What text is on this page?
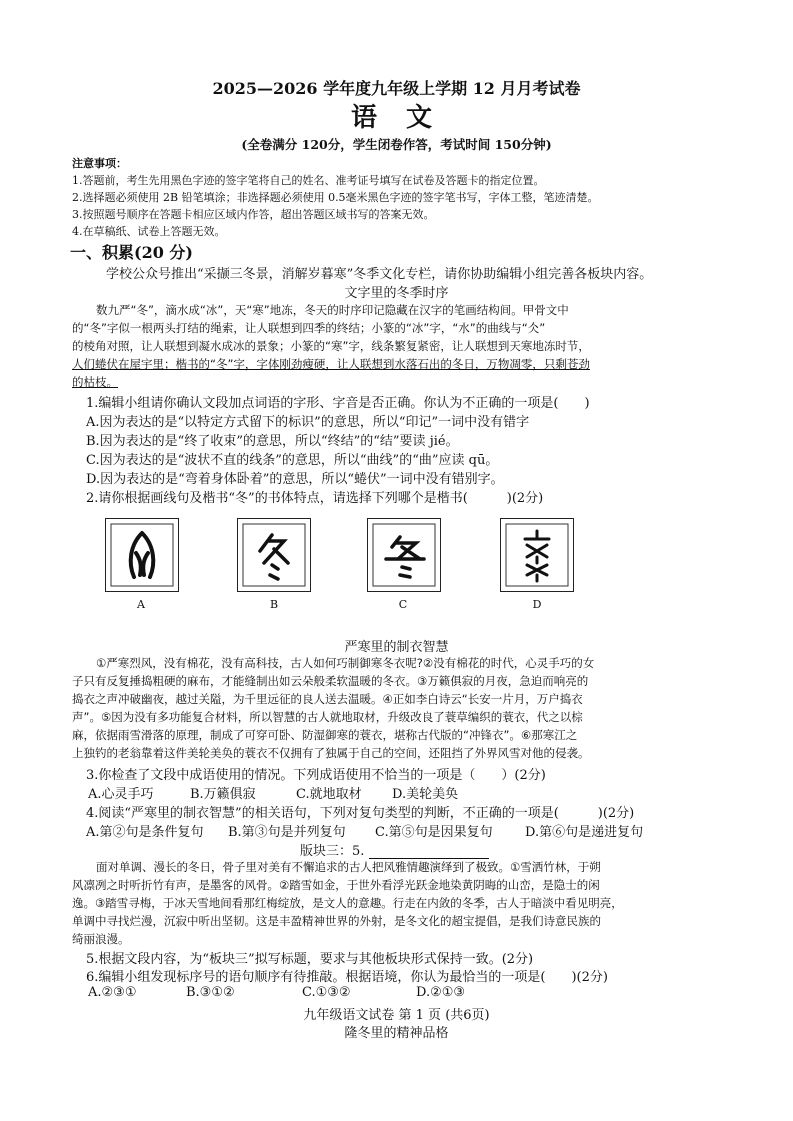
2025—2026 学年度九年级上学期 12 月月考试卷
语 文
(全卷满分 120分，学生闭卷作答，考试时间 150分钟)
注意事项：
1.答题前，考生先用黑色字迹的签字笔将自己的姓名、准考证号填写在试卷及答题卡的指定位置。
2.选择题必须使用 2B 铅笔填涂；非选择题必须使用 0.5毫米黑色字迹的签字笔书写，字体工整，笔迹清楚。
3.按照题号顺序在答题卡相应区域内作答，超出答题区域书写的答案无效。
4.在草稿纸、试卷上答题无效。
一、积累(20 分)
学校公众号推出“采撷三冬景，消解岁暮寒”冬季文化专栏，请你协助编辑小组完善各板块内容。
文字里的冬季时序
数九严“冬”，滴水成“冰”，天“寒”地冻，冬天的时序印记隐藏在汉字的笔画结构间。甲骨文中
的“冬”字似一根两头打结的绳索，让人联想到四季的终结；小篆的“冰”字，“水”的曲线与“仌”
的棱角对照，让人联想到凝水成冰的景象；小篆的“寒”字，线条繁复紧密，让人联想到天寒地冻时节，
人们蜷伏在屋宇里；楷书的“冬”字，字体刚劲瘦硬，让人联想到水落石出的冬日，万物凋零，只剩苍劲
的枯枝。
1.编辑小组请你确认文段加点词语的字形、字音是否正确。你认为不正确的一项是(　　)
A.因为表达的是“以特定方式留下的标识”的意思，所以“印记”一词中没有错字
B.因为表达的是“终了收束”的意思，所以“终结”的“结”要读 jié。
C.因为表达的是“波状不直的线条”的意思，所以“曲线”的“曲”应读 qū。
D.因为表达的是“弯着身体卧着”的意思，所以“蜷伏”一词中没有错别字。
2.请你根据画线句及楷书“冬”的书体特点，请选择下列哪个是楷书(　　　)(2分)
A	B	C	D
严寒里的制衣智慧
①严寒烈风，没有棉花，没有高科技，古人如何巧制御寒冬衣呢?②没有棉花的时代，心灵手巧的女
子只有反复捶捣粗硬的麻布，才能缝制出如云朵般柔软温暖的冬衣。③万籁俱寂的月夜，急迫而响亮的
捣衣之声冲破幽夜，越过关隘，为千里远征的良人送去温暖。④正如李白诗云“长安一片月，万户捣衣
声”。⑤因为没有多功能复合材料，所以智慧的古人就地取材，升级改良了蓑草编织的蓑衣，代之以棕
麻，依据雨雪滑落的原理，制成了可穿可卧、防湿御寒的蓑衣，堪称古代版的“冲锋衣”。⑥那寒江之
上独钓的老翁靠着这件美轮美奂的蓑衣不仅拥有了独属于自己的空间，还阻挡了外界风雪对他的侵袭。
3.你检查了文段中成语使用的情况。下列成语使用不恰当的一项是（　　）(2分)
A.心灵手巧	B.万籁俱寂	C.就地取材 D.美轮美奂
4.阅读“严寒里的制衣智慧”的相关语句，下列对复句类型的判断，不正确的一项是(　　　)(2分)
A.第②句是条件复句 B.第③句是并列复句 C.第⑤句是因果复句 D.第⑥句是递进复句
版块三：5.
面对单调、漫长的冬日，骨子里对美有不懈追求的古人把风雅情趣演绎到了极致。①雪洒竹林，于朔
风凛冽之时听折竹有声，是墨客的风骨。②踏雪如金，于世外看浮光跃金地染黄阴晦的山峦，是隐士的闲
逸。③踏雪寻梅，于冰天雪地间看那红梅绽放，是文人的意趣。行走在内敛的冬季，古人于暗淡中看见明亮，
单调中寻找烂漫，沉寂中听出坚韧。这是丰盈精神世界的外射，是冬文化的超宝提倡，是我们诗意民族的
绮丽浪漫。
5.根据文段内容，为“板块三”拟写标题，要求与其他板块形式保持一致。(2分)
6.编辑小组发现标序号的语句顺序有待推敲。根据语境，你认为最恰当的一项是(　　)(2分)
A.②③①	B.③①②	C.①③②	D.②①③
九年级语文试卷 第 1 页 (共6页)
隆冬里的精神品格
